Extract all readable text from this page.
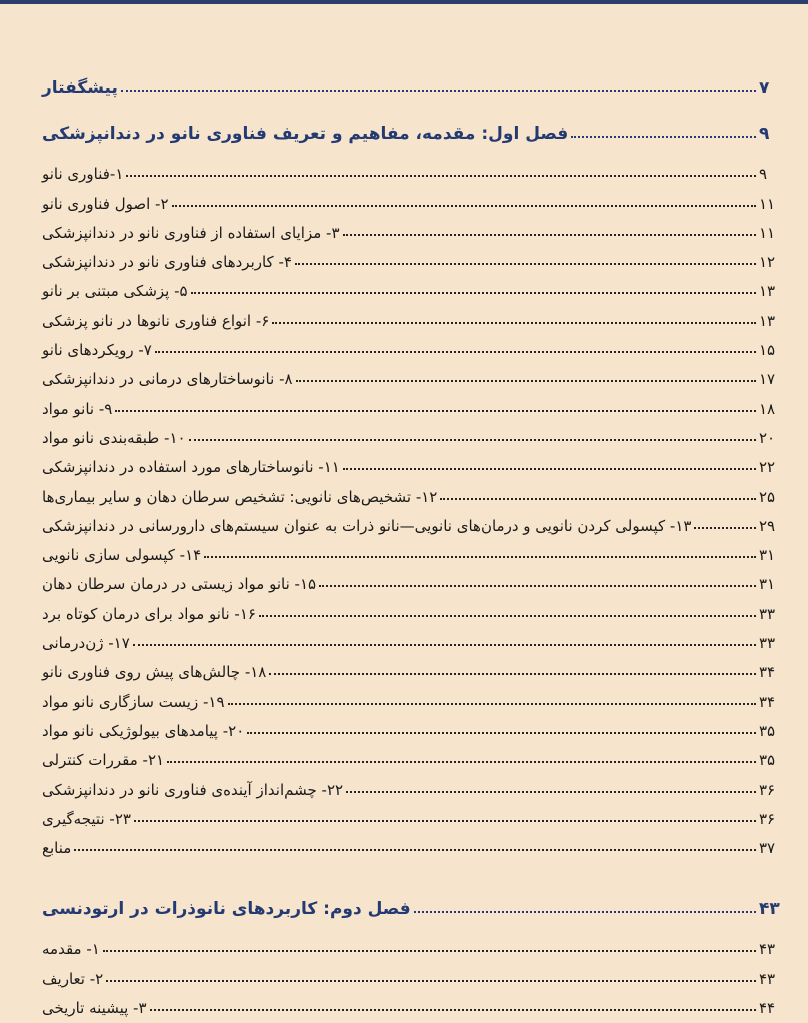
پیشگفتار	۷
فصل اول: مقدمه، مفاهیم و تعریف فناوری نانو در دندانپزشکی	۹
۱-فناوری نانو	۹
۲- اصول فناوری نانو	۱۱
۳- مزایای استفاده از فناوری نانو در دندانپزشکی	۱۱
۴- کاربردهای فناوری نانو در دندانپزشکی	۱۲
۵- پزشکی مبتنی بر نانو	۱۳
۶- انواع فناوری نانوها در نانو پزشکی	۱۳
۷- رویکردهای نانو	۱۵
۸- نانوساختارهای درمانی در دندانپزشکی	۱۷
۹- نانو مواد	۱۸
۱۰- طبقه‌بندی نانو مواد	۲۰
۱۱- نانوساختارهای مورد استفاده در دندانپزشکی	۲۲
۱۲- تشخیص‌های نانویی: تشخیص سرطان دهان و سایر بیماری‌ها	۲۵
۱۳- کپسولی کردن نانویی و درمان‌های نانویی—نانو ذرات به عنوان سیستم‌های دارورسانی در دندانپزشکی	۲۹
۱۴- کپسولی سازی نانویی	۳۱
۱۵- نانو مواد زیستی در درمان سرطان دهان	۳۱
۱۶- نانو مواد برای درمان کوتاه برد	۳۳
۱۷- ژن‌درمانی	۳۳
۱۸- چالش‌های پیش روی فناوری نانو	۳۴
۱۹- زیست سازگاری نانو مواد	۳۴
۲۰- پیامدهای بیولوژیکی نانو مواد	۳۵
۲۱- مقررات کنترلی	۳۵
۲۲- چشم‌انداز آینده‌ی فناوری نانو در دندانپزشکی	۳۶
۲۳- نتیجه‌گیری	۳۶
منابع	۳۷
فصل دوم: کاربردهای نانوذرات در ارتودنسی	۴۳
۱- مقدمه	۴۳
۲- تعاریف	۴۳
۳- پیشینه تاریخی	۴۴
